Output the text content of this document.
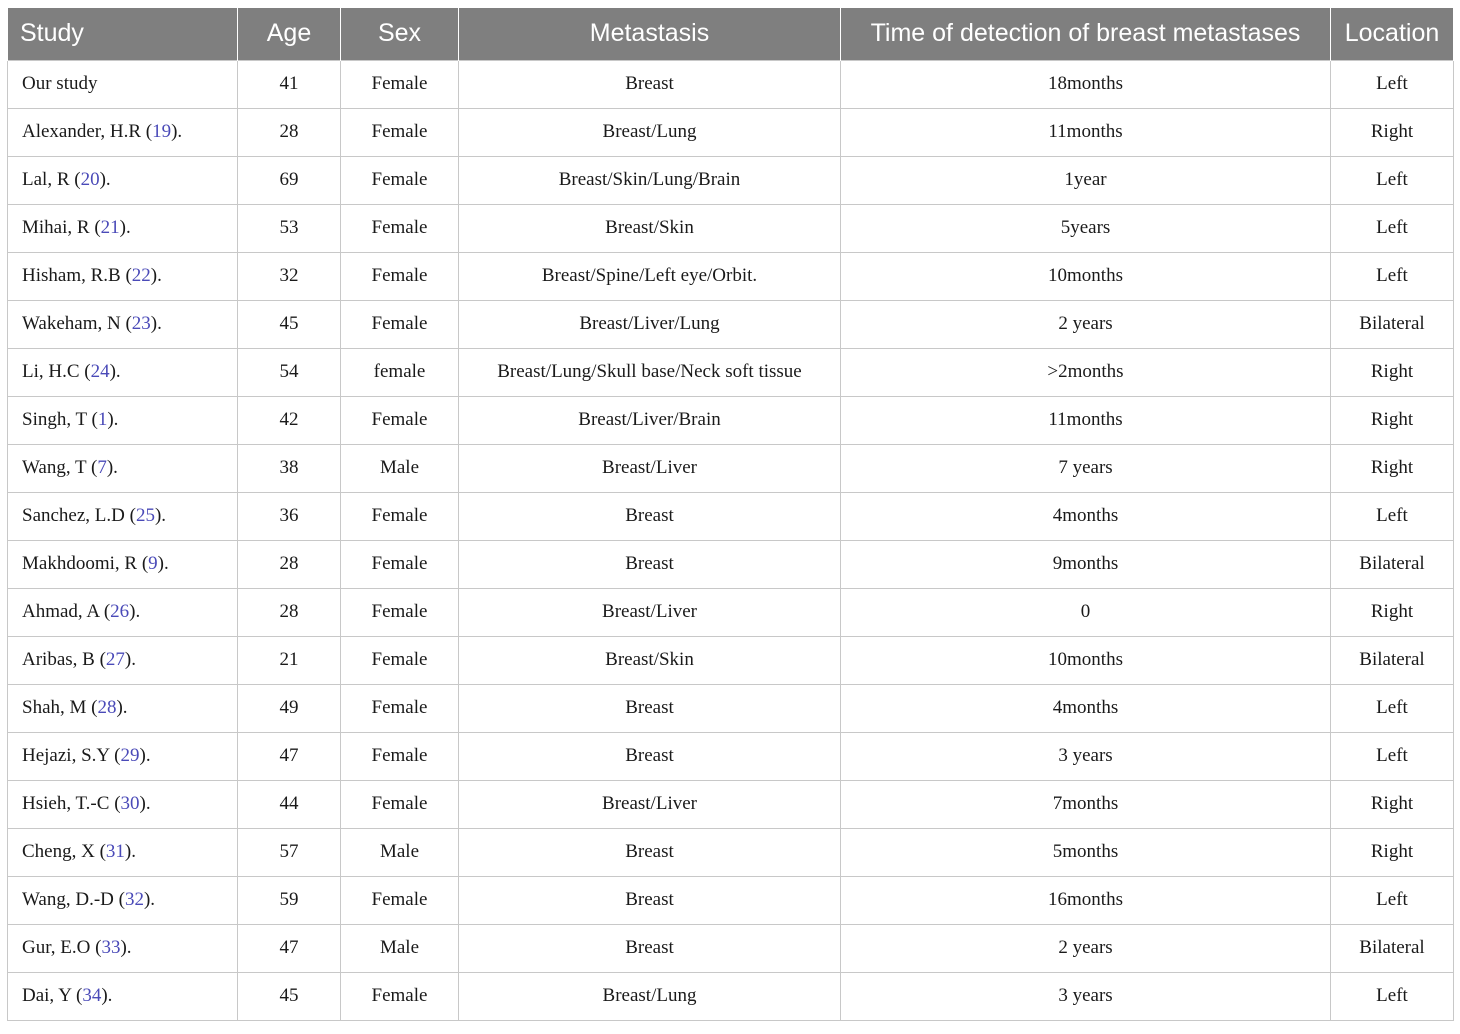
Study	Age	Sex	Metastasis	Time of detection of breast metastases	Location
Our study	41	Female	Breast	18months	Left
Alexander, H.R (19).	28	Female	Breast/Lung	11months	Right
Lal, R (20).	69	Female	Breast/Skin/Lung/Brain	1year	Left
Mihai, R (21).	53	Female	Breast/Skin	5years	Left
Hisham, R.B (22).	32	Female	Breast/Spine/Left eye/Orbit.	10months	Left
Wakeham, N (23).	45	Female	Breast/Liver/Lung	2 years	Bilateral
Li, H.C (24).	54	female	Breast/Lung/Skull base/Neck soft tissue	>2months	Right
Singh, T (1).	42	Female	Breast/Liver/Brain	11months	Right
Wang, T (7).	38	Male	Breast/Liver	7 years	Right
Sanchez, L.D (25).	36	Female	Breast	4months	Left
Makhdoomi, R (9).	28	Female	Breast	9months	Bilateral
Ahmad, A (26).	28	Female	Breast/Liver	0	Right
Aribas, B (27).	21	Female	Breast/Skin	10months	Bilateral
Shah, M (28).	49	Female	Breast	4months	Left
Hejazi, S.Y (29).	47	Female	Breast	3 years	Left
Hsieh, T.-C (30).	44	Female	Breast/Liver	7months	Right
Cheng, X (31).	57	Male	Breast	5months	Right
Wang, D.-D (32).	59	Female	Breast	16months	Left
Gur, E.O (33).	47	Male	Breast	2 years	Bilateral
Dai, Y (34).	45	Female	Breast/Lung	3 years	Left
